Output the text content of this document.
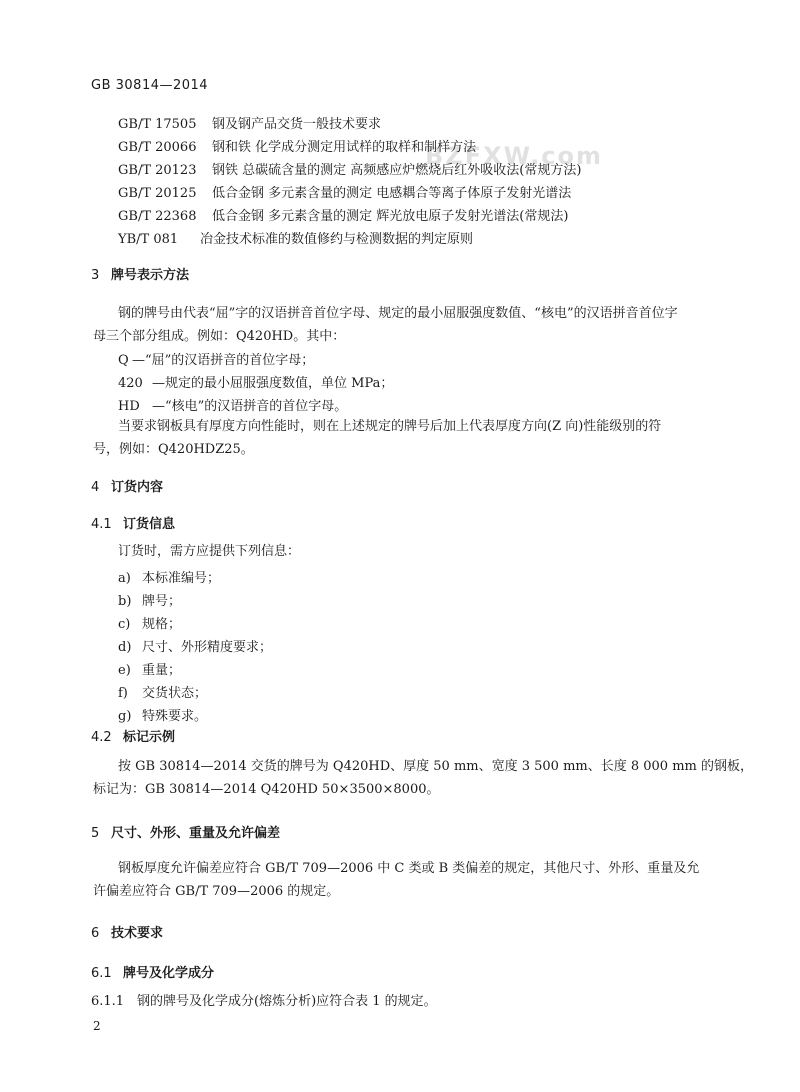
GB 30814—2014
BZFXW.com
GB/T 17505 钢及钢产品交货一般技术要求
GB/T 20066 钢和铁 化学成分测定用试样的取样和制样方法
GB/T 20123 钢铁 总碳硫含量的测定 高频感应炉燃烧后红外吸收法(常规方法)
GB/T 20125 低合金钢 多元素含量的测定 电感耦合等离子体原子发射光谱法
GB/T 22368 低合金钢 多元素含量的测定 辉光放电原子发射光谱法(常规法)
YB/T 081 冶金技术标准的数值修约与检测数据的判定原则
3 牌号表示方法
钢的牌号由代表“屈”字的汉语拼音首位字母、规定的最小屈服强度数值、“核电”的汉语拼音首位字
母三个部分组成。例如：Q420HD。其中：
Q —“屈”的汉语拼音的首位字母；
420 —规定的最小屈服强度数值，单位 MPa；
HD —“核电”的汉语拼音的首位字母。
当要求钢板具有厚度方向性能时，则在上述规定的牌号后加上代表厚度方向(Z 向)性能级别的符
号，例如：Q420HDZ25。
4 订货内容
4.1 订货信息
订货时，需方应提供下列信息：
a) 本标准编号；
b) 牌号；
c) 规格；
d) 尺寸、外形精度要求；
e) 重量；
f) 交货状态；
g) 特殊要求。
4.2 标记示例
按 GB 30814—2014 交货的牌号为 Q420HD、厚度 50 mm、宽度 3 500 mm、长度 8 000 mm 的钢板，
标记为：GB 30814—2014 Q420HD 50×3500×8000。
5 尺寸、外形、重量及允许偏差
钢板厚度允许偏差应符合 GB/T 709—2006 中 C 类或 B 类偏差的规定，其他尺寸、外形、重量及允
许偏差应符合 GB/T 709—2006 的规定。
6 技术要求
6.1 牌号及化学成分
6.1.1 钢的牌号及化学成分(熔炼分析)应符合表 1 的规定。
2
